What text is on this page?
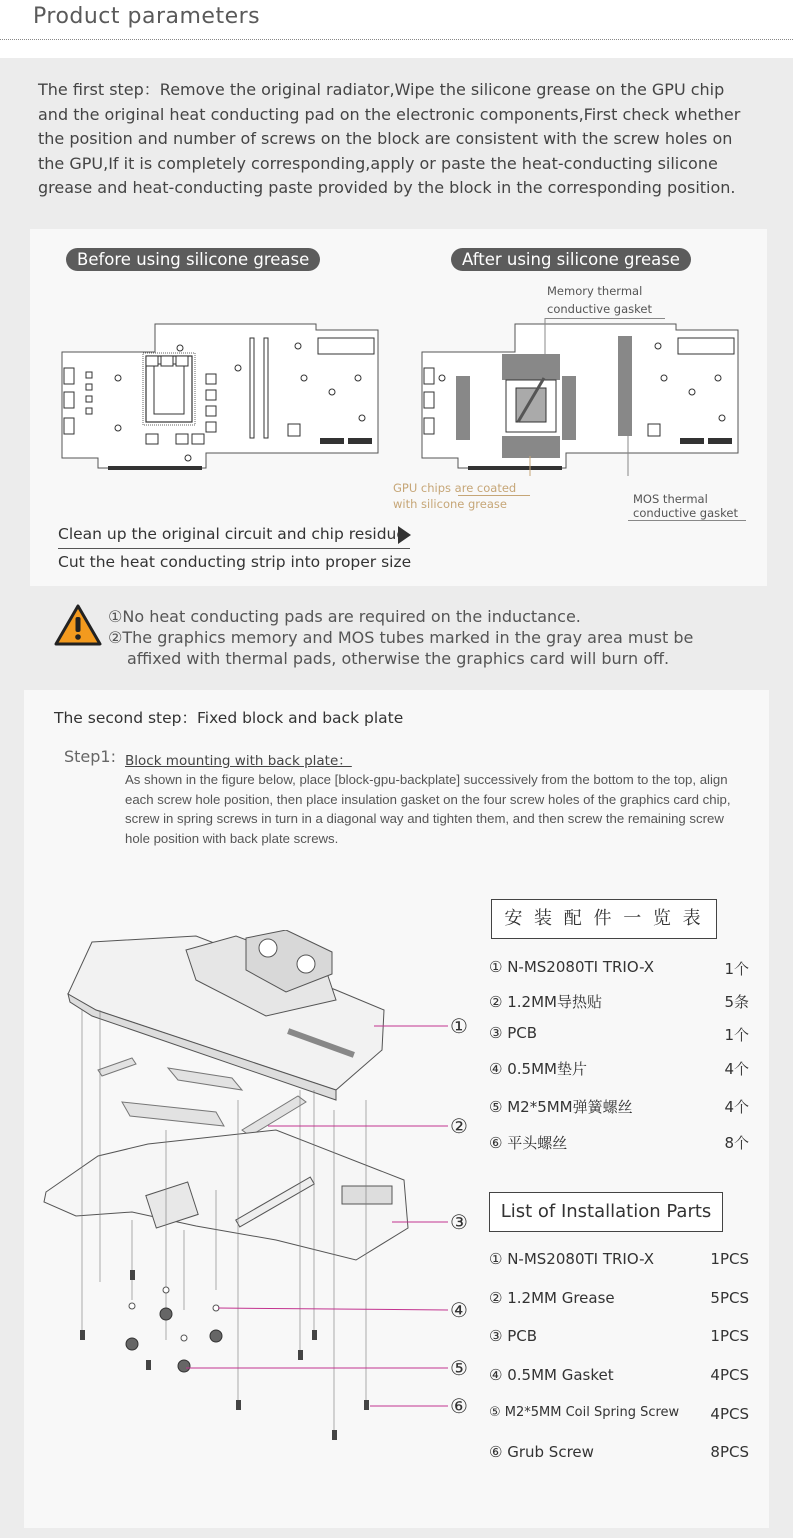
Product parameters
The first step：Remove the original radiator,Wipe the silicone grease on the GPU chip and the original heat conducting pad on the electronic components,First check whether the position and number of screws on the block are consistent with the screw holes on the GPU,If it is completely corresponding,apply or paste the heat-conducting silicone grease and heat-conducting paste provided by the block in the corresponding position.
Before using silicone grease	After using silicone grease
Memory thermal
conductive gasket
GPU chips are coated
with silicone grease	MOS thermal
conductive gasket
Clean up the original circuit and chip residue
Cut the heat conducting strip into proper size
①No heat conducting pads are required on the inductance.
②The graphics memory and MOS tubes marked in the gray area must be
affixed with thermal pads, otherwise the graphics card will burn off.
The second step：Fixed block and back plate
Step1: Block mounting with back plate：
As shown in the figure below, place [block-gpu-backplate] successively from the bottom to the top, align each screw hole position, then place insulation gasket on the four screw holes of the graphics card chip, screw in spring screws in turn in a diagonal way and tighten them, and then screw the remaining screw hole position with back plate screws.
①
②
③
④
⑤
⑥
安 装 配 件 一 览 表
① N-MS2080TI TRIO-X	1个
② 1.2MM导热贴	5条
③ PCB	1个
④ 0.5MM垫片	4个
⑤ M2*5MM弹簧螺丝	4个
⑥ 平头螺丝	8个
List of Installation Parts
① N-MS2080TI TRIO-X	1PCS
② 1.2MM Grease	5PCS
③ PCB	1PCS
④ 0.5MM Gasket	4PCS
⑤ M2*5MM Coil Spring Screw 4PCS
⑥ Grub Screw	8PCS
